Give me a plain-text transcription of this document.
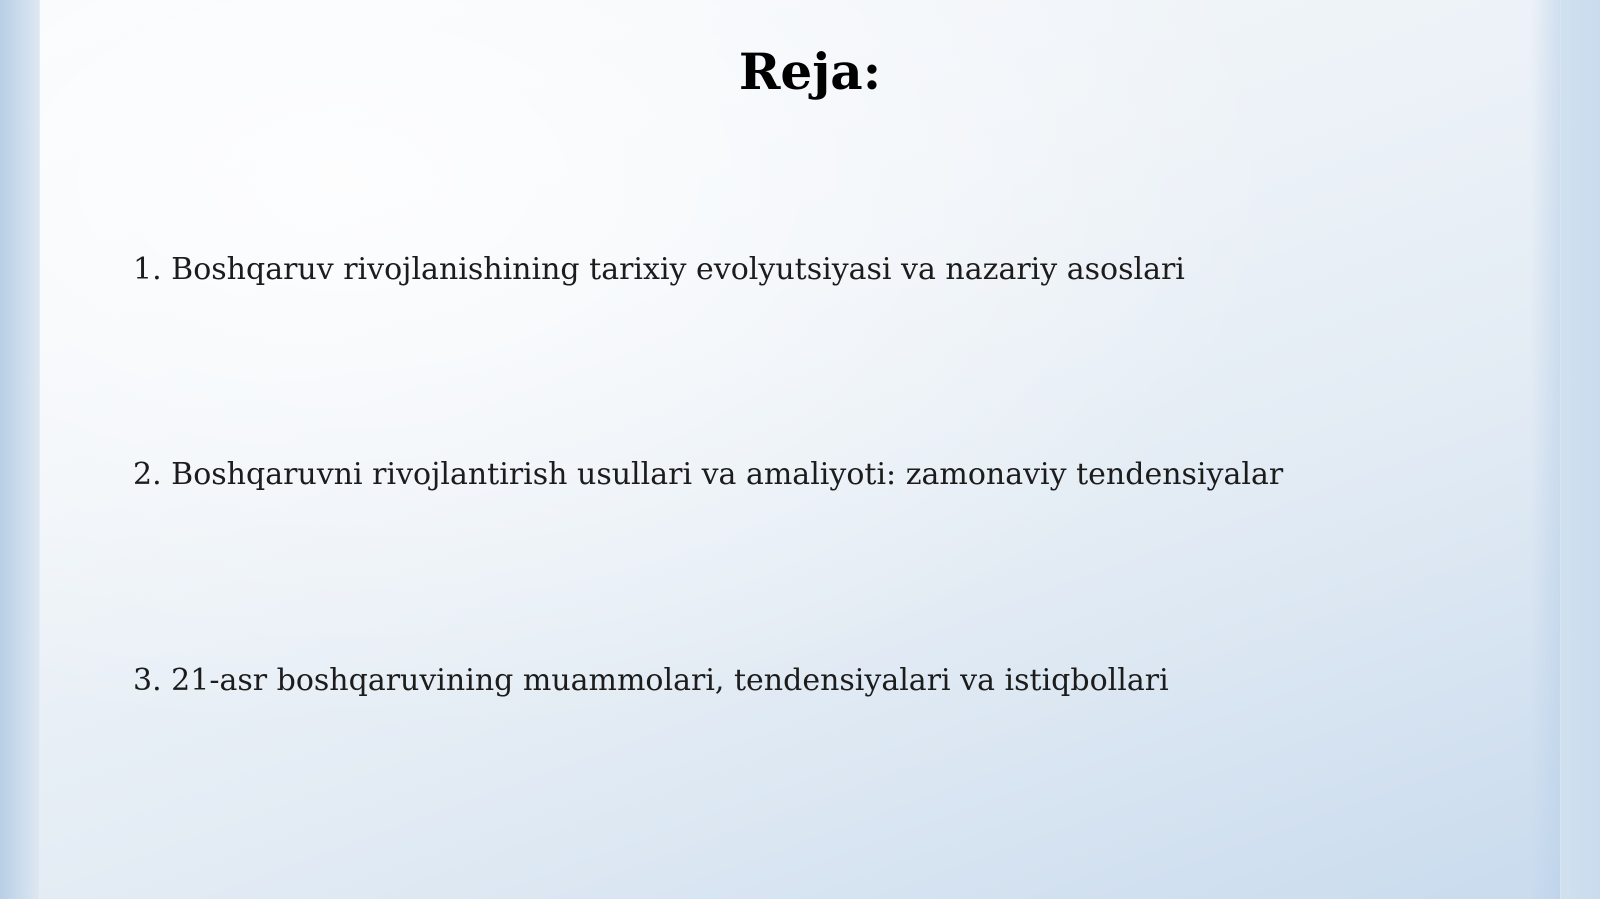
Reja:
1. Boshqaruv rivojlanishining tarixiy evolyutsiyasi va nazariy asoslari
2. Boshqaruvni rivojlantirish usullari va amaliyoti: zamonaviy tendensiyalar
3. 21-asr boshqaruvining muammolari, tendensiyalari va istiqbollari
